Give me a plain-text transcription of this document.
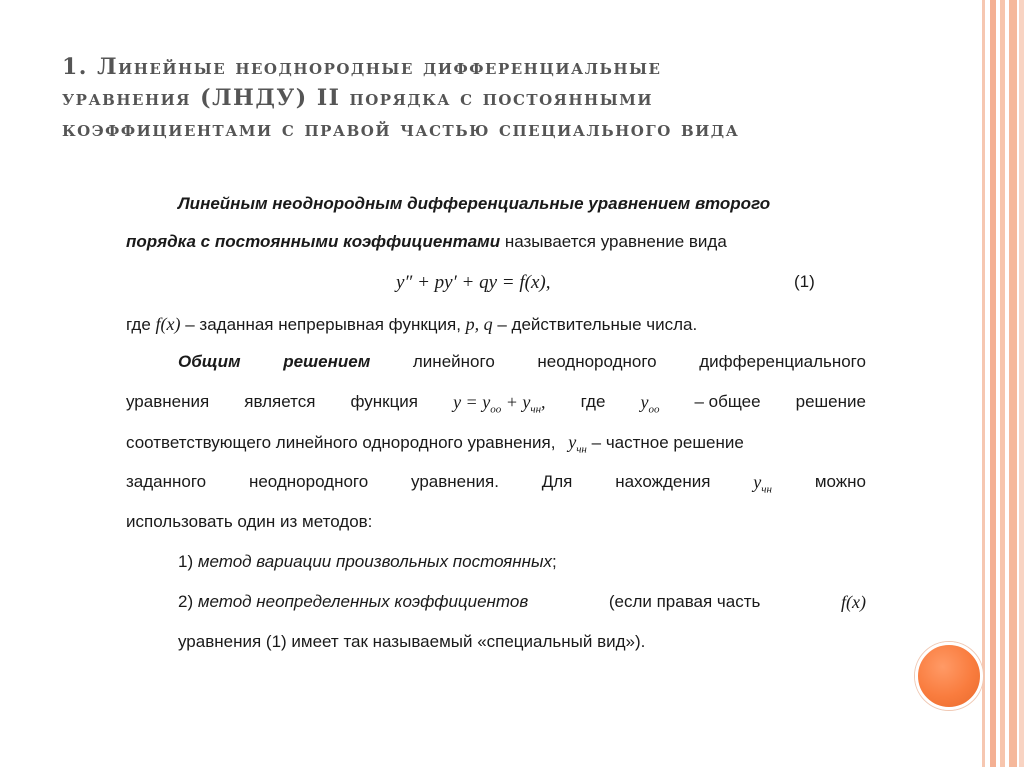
1. Линейные неоднородные дифференциальные
уравнения (ЛНДУ) II порядка с постоянными
коэффициентами с правой частью специального вида
Линейным неоднородным дифференциальные уравнением второго
порядка с постоянными коэффициентами называется уравнение вида
y″ + py′ + qy = f(x),	(1)
где f(x) – заданная непрерывная функция, p, q – действительные числа.
Общим	решением	линейного	неоднородного	дифференциального
уравнения является функция $y = y_{оо} + y_{чн}$, где $y_{оо}$ – общее решение
соответствующего линейного однородного уравнения, $y_{чн}$ – частное решение
заданного	неоднородного	уравнения.	Для	нахождения $y_{чн}$	можно
использовать один из методов:
1) метод вариации произвольных постоянных;
2) метод неопределенных коэффициентов	(если правая часть	f(x)
уравнения (1) имеет так называемый «специальный вид»).
